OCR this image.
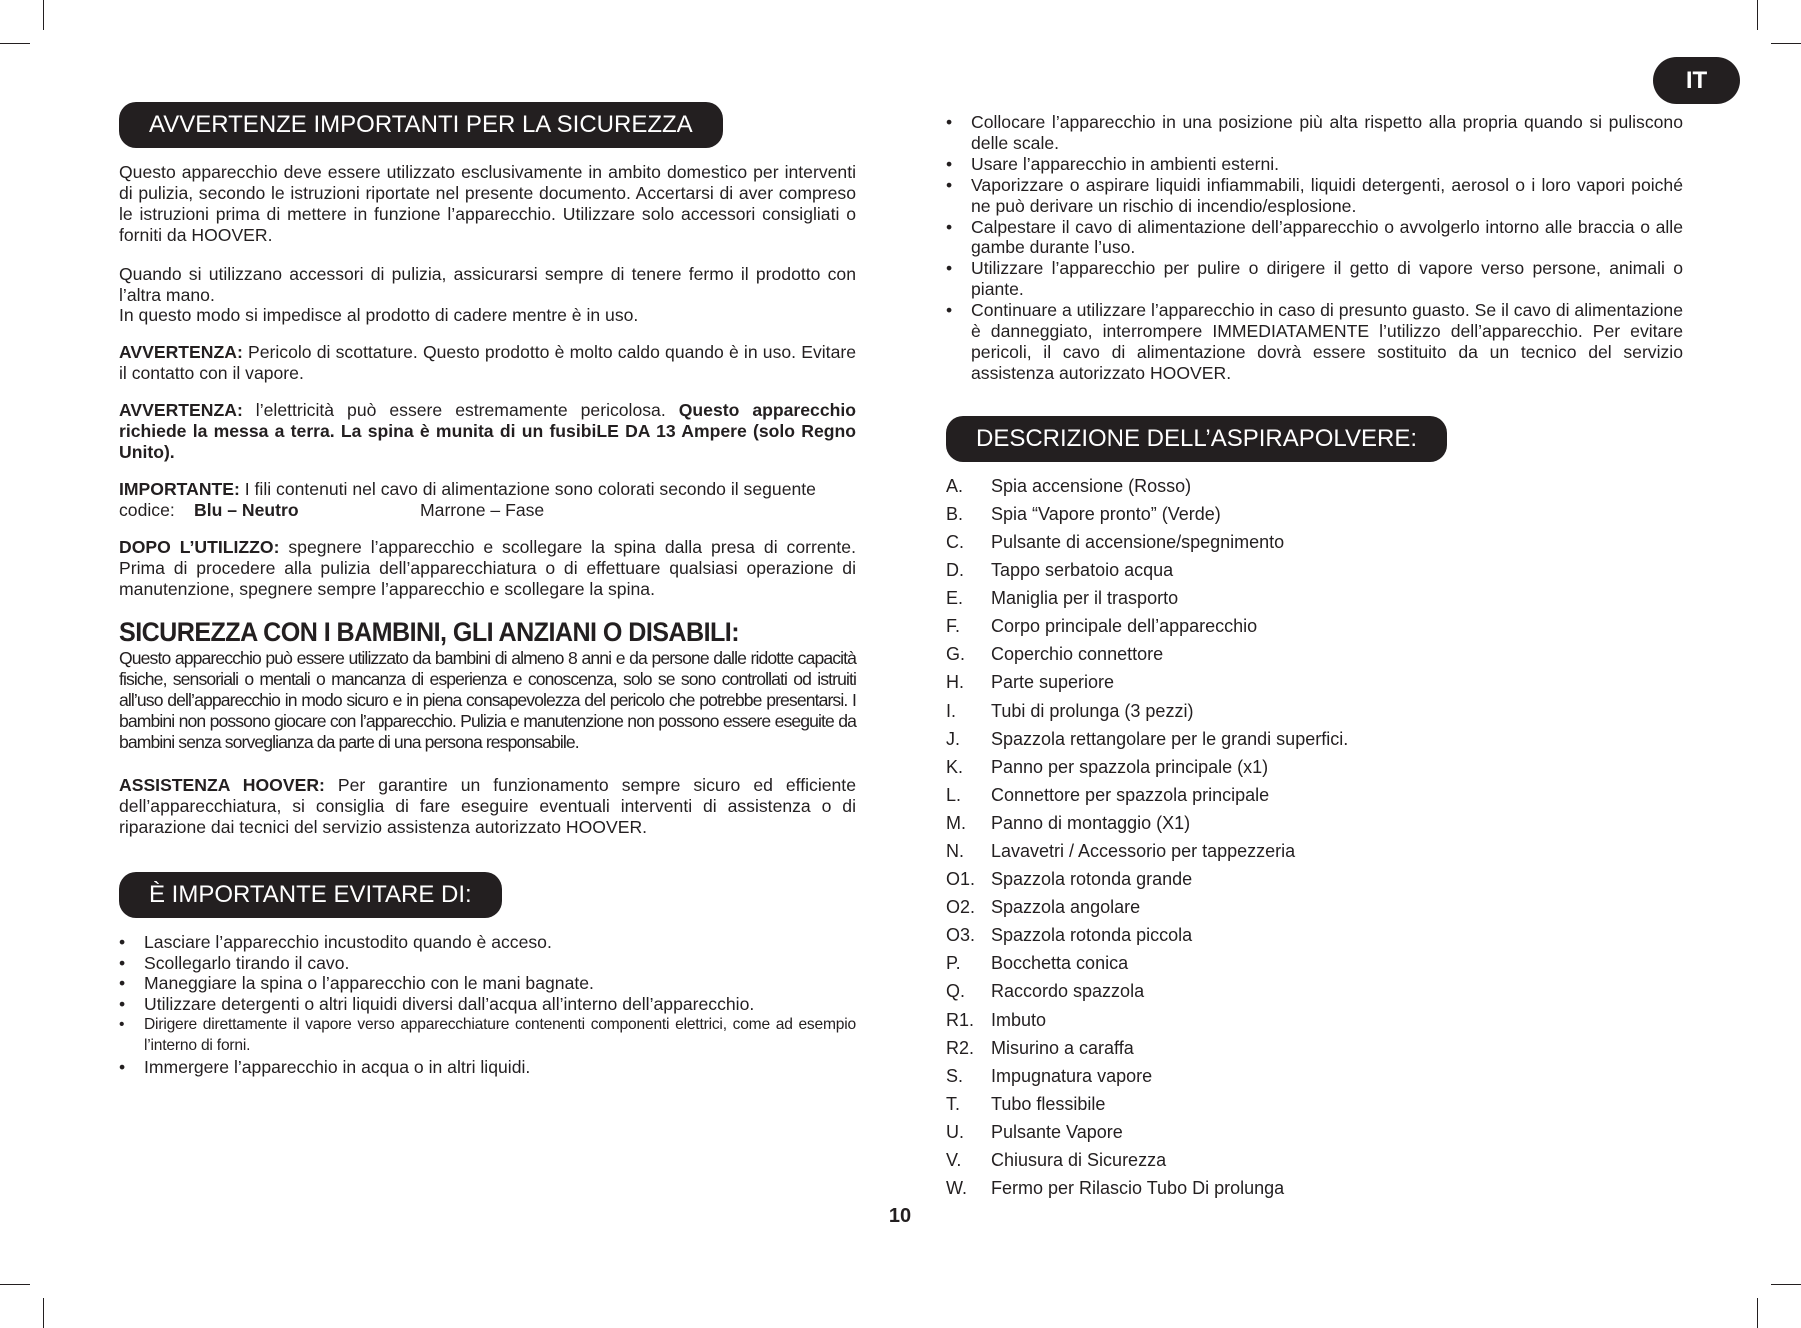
IT
AVVERTENZE IMPORTANTI PER LA SICUREZZA

Questo apparecchio deve essere utilizzato esclusivamente in ambito domestico per interventi di pulizia, secondo le istruzioni riportate nel presente documento. Accertarsi di aver compreso le istruzioni prima di mettere in funzione l’apparecchio. Utilizzare solo accessori consigliati o forniti da HOOVER.

Quando si utilizzano accessori di pulizia, assicurarsi sempre di tenere fermo il prodotto con l’altra mano.
In questo modo si impedisce al prodotto di cadere mentre è in uso.

AVVERTENZA: Pericolo di scottature. Questo prodotto è molto caldo quando è in uso. Evitare il contatto con il vapore.

AVVERTENZA: l’elettricità può essere estremamente pericolosa. Questo apparecchio richiede la messa a terra. La spina è munita di un fusibiLE DA 13 Ampere (solo Regno Unito).

IMPORTANTE: I fili contenuti nel cavo di alimentazione sono colorati secondo il seguente

codice:	Blu – Neutro	Marrone – Fase

DOPO L’UTILIZZO: spegnere l’apparecchio e scollegare la spina dalla presa di corrente. Prima di procedere alla pulizia dell’apparecchiatura o di effettuare qualsiasi operazione di manutenzione, spegnere sempre l’apparecchio e scollegare la spina.

SICUREZZA CON I BAMBINI, GLI ANZIANI O DISABILI:

Questo apparecchio può essere utilizzato da bambini di almeno 8 anni e da persone dalle ridotte capacità fisiche, sensoriali o mentali o mancanza di esperienza e conoscenza, solo se sono controllati od istruiti all’uso dell’apparecchio in modo sicuro e in piena consapevolezza del pericolo che potrebbe presentarsi. I bambini non possono giocare con l’apparecchio. Pulizia e manutenzione non possono essere eseguite da bambini senza sorveglianza da parte di una persona responsabile.

ASSISTENZA HOOVER: Per garantire un funzionamento sempre sicuro ed efficiente dell’apparecchiatura, si consiglia di fare eseguire eventuali interventi di assistenza o di riparazione dai tecnici del servizio assistenza autorizzato HOOVER.

È IMPORTANTE EVITARE DI:
• Lasciare l’apparecchio incustodito quando è acceso.
• Scollegarlo tirando il cavo.
• Maneggiare la spina o l’apparecchio con le mani bagnate.
• Utilizzare detergenti o altri liquidi diversi dall’acqua all’interno dell’apparecchio.
• Dirigere direttamente il vapore verso apparecchiature contenenti componenti elettrici, come ad esempio l’interno di forni.
• Immergere l’apparecchio in acqua o in altri liquidi.
• Collocare l’apparecchio in una posizione più alta rispetto alla propria quando si puliscono delle scale.
• Usare l’apparecchio in ambienti esterni.
• Vaporizzare o aspirare liquidi infiammabili, liquidi detergenti, aerosol o i loro vapori poiché ne può derivare un rischio di incendio/esplosione.
• Calpestare il cavo di alimentazione dell’apparecchio o avvolgerlo intorno alle braccia o alle gambe durante l’uso.
• Utilizzare l’apparecchio per pulire o dirigere il getto di vapore verso persone, animali o piante.
• Continuare a utilizzare l’apparecchio in caso di presunto guasto. Se il cavo di alimentazione è danneggiato, interrompere IMMEDIATAMENTE l’utilizzo dell’apparecchio. Per evitare pericoli, il cavo di alimentazione dovrà essere sostituito da un tecnico del servizio assistenza autorizzato HOOVER.
DESCRIZIONE DELL’ASPIRAPOLVERE:
A. Spia accensione (Rosso)
B. Spia “Vapore pronto” (Verde)
C. Pulsante di accensione/spegnimento
D. Tappo serbatoio acqua
E. Maniglia per il trasporto
F. Corpo principale dell’apparecchio
G. Coperchio connettore
H. Parte superiore
I. Tubi di prolunga (3 pezzi)
J. Spazzola rettangolare per le grandi superfici.
K. Panno per spazzola principale (x1)
L. Connettore per spazzola principale
M. Panno di montaggio (X1)
N. Lavavetri / Accessorio per tappezzeria
O1. Spazzola rotonda grande
O2. Spazzola angolare
O3. Spazzola rotonda piccola
P. Bocchetta conica
Q. Raccordo spazzola
R1. Imbuto
R2. Misurino a caraffa
S. Impugnatura vapore
T. Tubo flessibile
U. Pulsante Vapore
V. Chiusura di Sicurezza
W. Fermo per Rilascio Tubo Di prolunga
10
